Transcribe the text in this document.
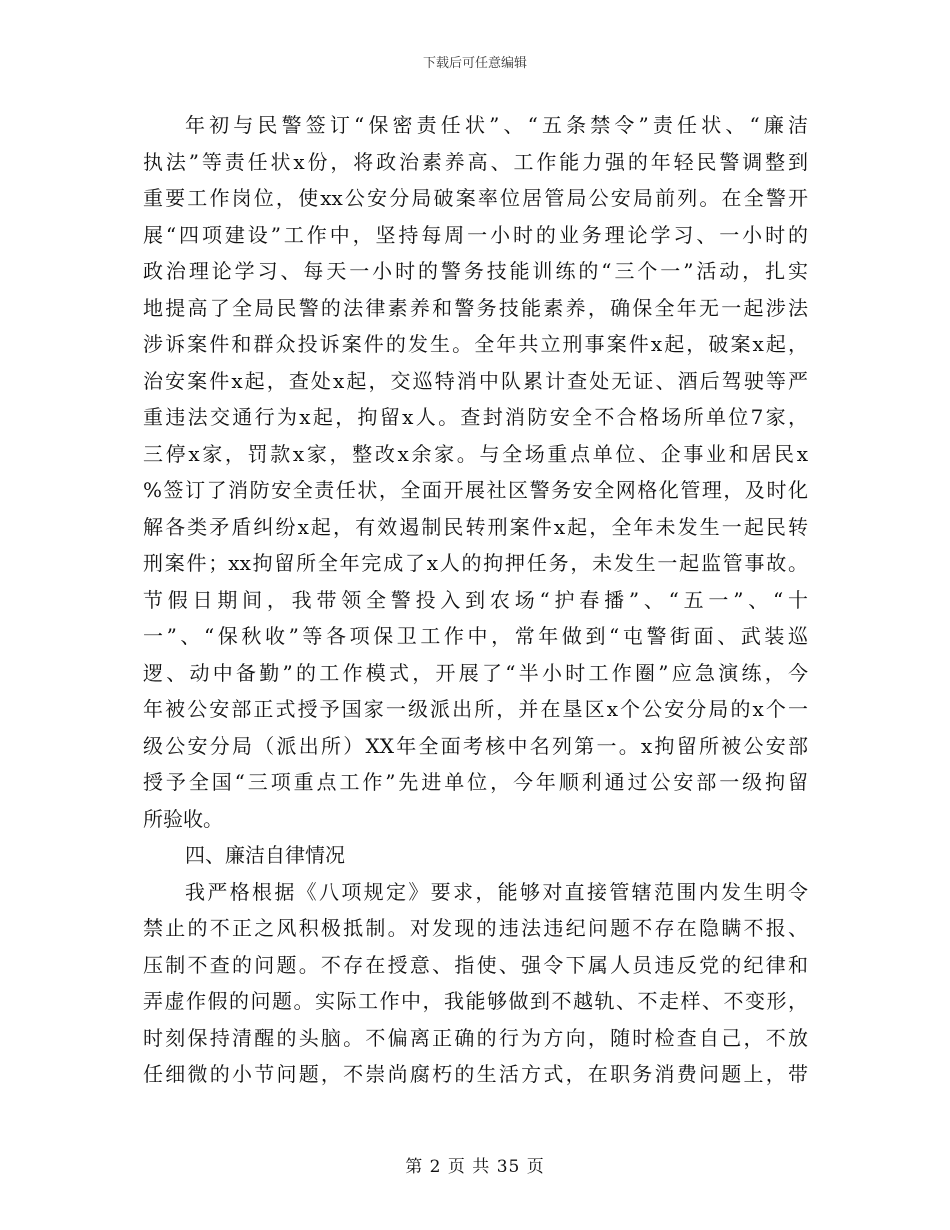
下载后可任意编辑
年初与民警签订“保密责任状”、“五条禁令”责任状、“廉洁
执法”等责任状x份，将政治素养高、工作能力强的年轻民警调整到
重要工作岗位，使xx公安分局破案率位居管局公安局前列。在全警开
展“四项建设”工作中，坚持每周一小时的业务理论学习、一小时的
政治理论学习、每天一小时的警务技能训练的“三个一”活动，扎实
地提高了全局民警的法律素养和警务技能素养，确保全年无一起涉法
涉诉案件和群众投诉案件的发生。全年共立刑事案件x起，破案x起，
治安案件x起，查处x起，交巡特消中队累计查处无证、酒后驾驶等严
重违法交通行为x起，拘留x人。查封消防安全不合格场所单位7家，
三停x家，罚款x家，整改x余家。与全场重点单位、企事业和居民x
%签订了消防安全责任状，全面开展社区警务安全网格化管理，及时化
解各类矛盾纠纷x起，有效遏制民转刑案件x起，全年未发生一起民转
刑案件；xx拘留所全年完成了x人的拘押任务，未发生一起监管事故。
节假日期间，我带领全警投入到农场“护春播”、“五一”、“十
一”、“保秋收”等各项保卫工作中，常年做到“屯警街面、武装巡
逻、动中备勤”的工作模式，开展了“半小时工作圈”应急演练，今
年被公安部正式授予国家一级派出所，并在垦区x个公安分局的x个一
级公安分局（派出所）XX年全面考核中名列第一。x拘留所被公安部
授予全国“三项重点工作”先进单位，今年顺利通过公安部一级拘留
所验收。
四、廉洁自律情况
我严格根据《八项规定》要求，能够对直接管辖范围内发生明令
禁止的不正之风积极抵制。对发现的违法违纪问题不存在隐瞒不报、
压制不查的问题。不存在授意、指使、强令下属人员违反党的纪律和
弄虚作假的问题。实际工作中，我能够做到不越轨、不走样、不变形，
时刻保持清醒的头脑。不偏离正确的行为方向，随时检查自己，不放
任细微的小节问题，不崇尚腐朽的生活方式，在职务消费问题上，带
第 2 页 共 35 页
